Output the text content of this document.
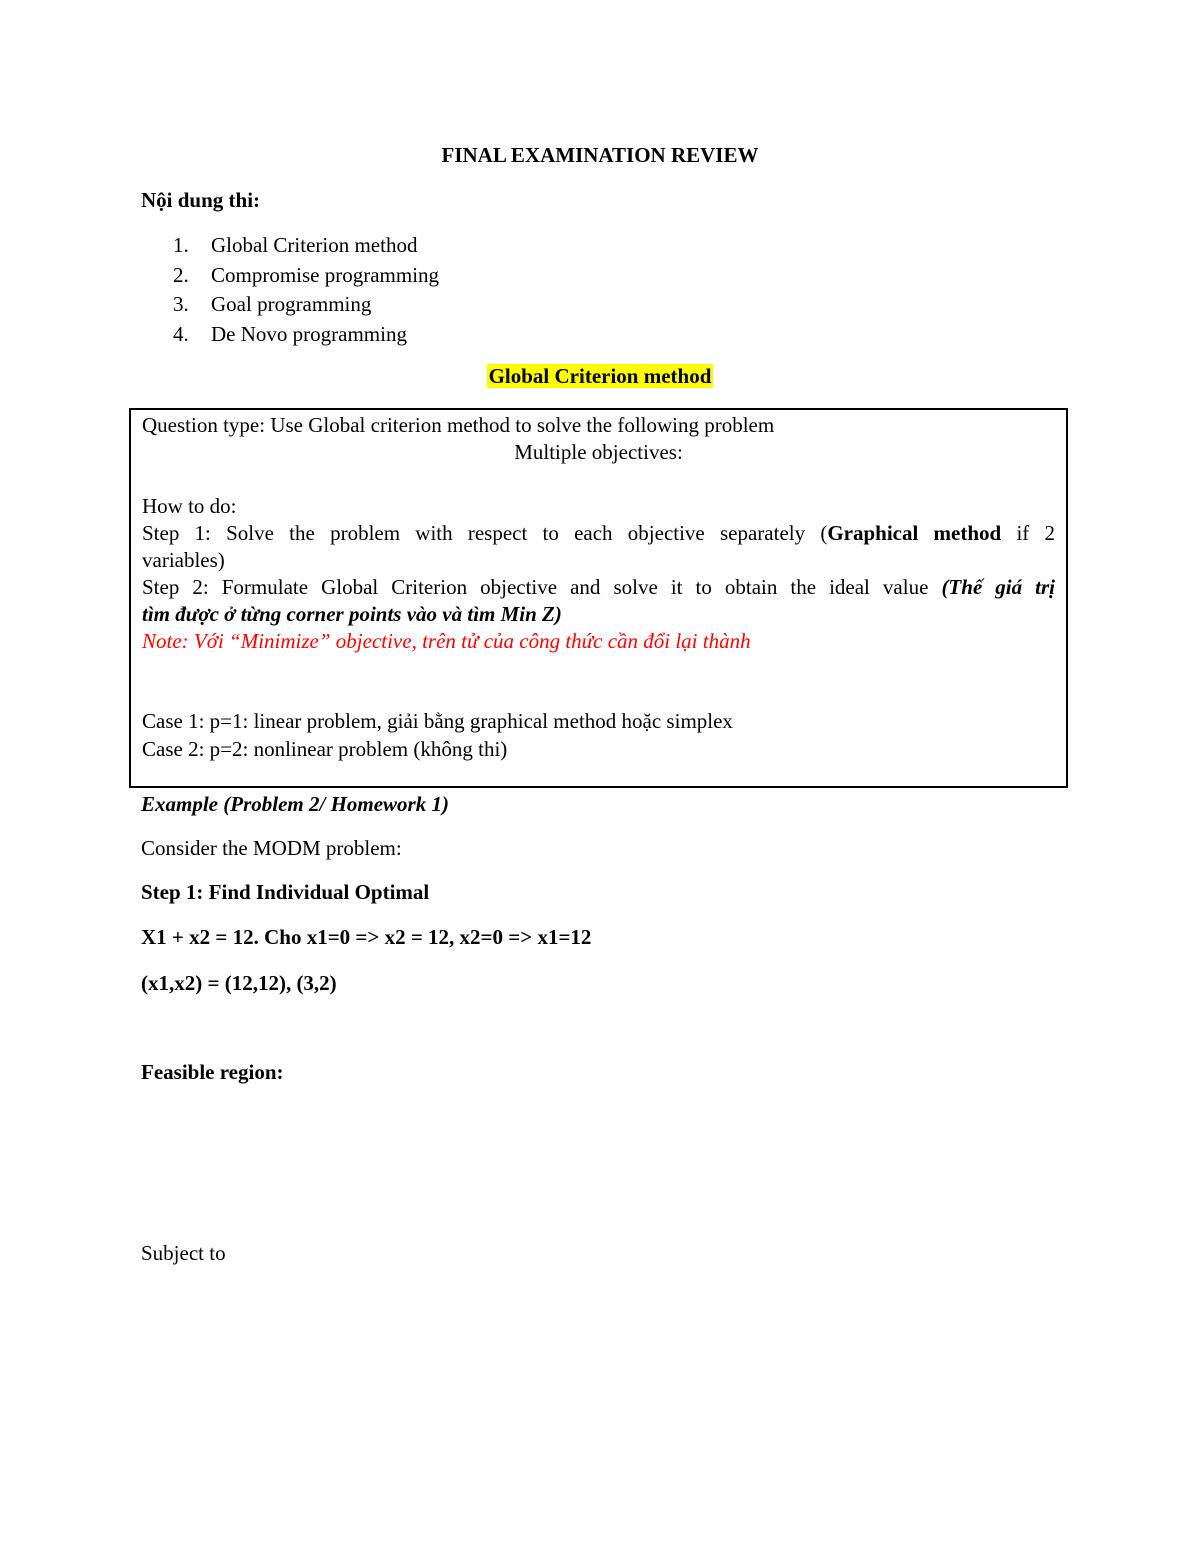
FINAL EXAMINATION REVIEW
Nội dung thi:
1. Global Criterion method
2. Compromise programming
3. Goal programming
4. De Novo programming
Global Criterion method
Question type: Use Global criterion method to solve the following problem
Multiple objectives:
How to do:
Step 1: Solve the problem with respect to each objective separately (Graphical method if 2
variables)
Step 2: Formulate Global Criterion objective and solve it to obtain the ideal value (Thế giá trị
tìm được ở từng corner points vào và tìm Min Z)
Note: Với “Minimize” objective, trên tử của công thức cần đổi lại thành
Case 1: p=1: linear problem, giải bằng graphical method hoặc simplex
Case 2: p=2: nonlinear problem (không thi)
Example (Problem 2/ Homework 1)
Consider the MODM problem:
Step 1: Find Individual Optimal
X1 + x2 = 12. Cho x1=0 => x2 = 12, x2=0 => x1=12
(x1,x2) = (12,12), (3,2)
Feasible region:
Subject to
